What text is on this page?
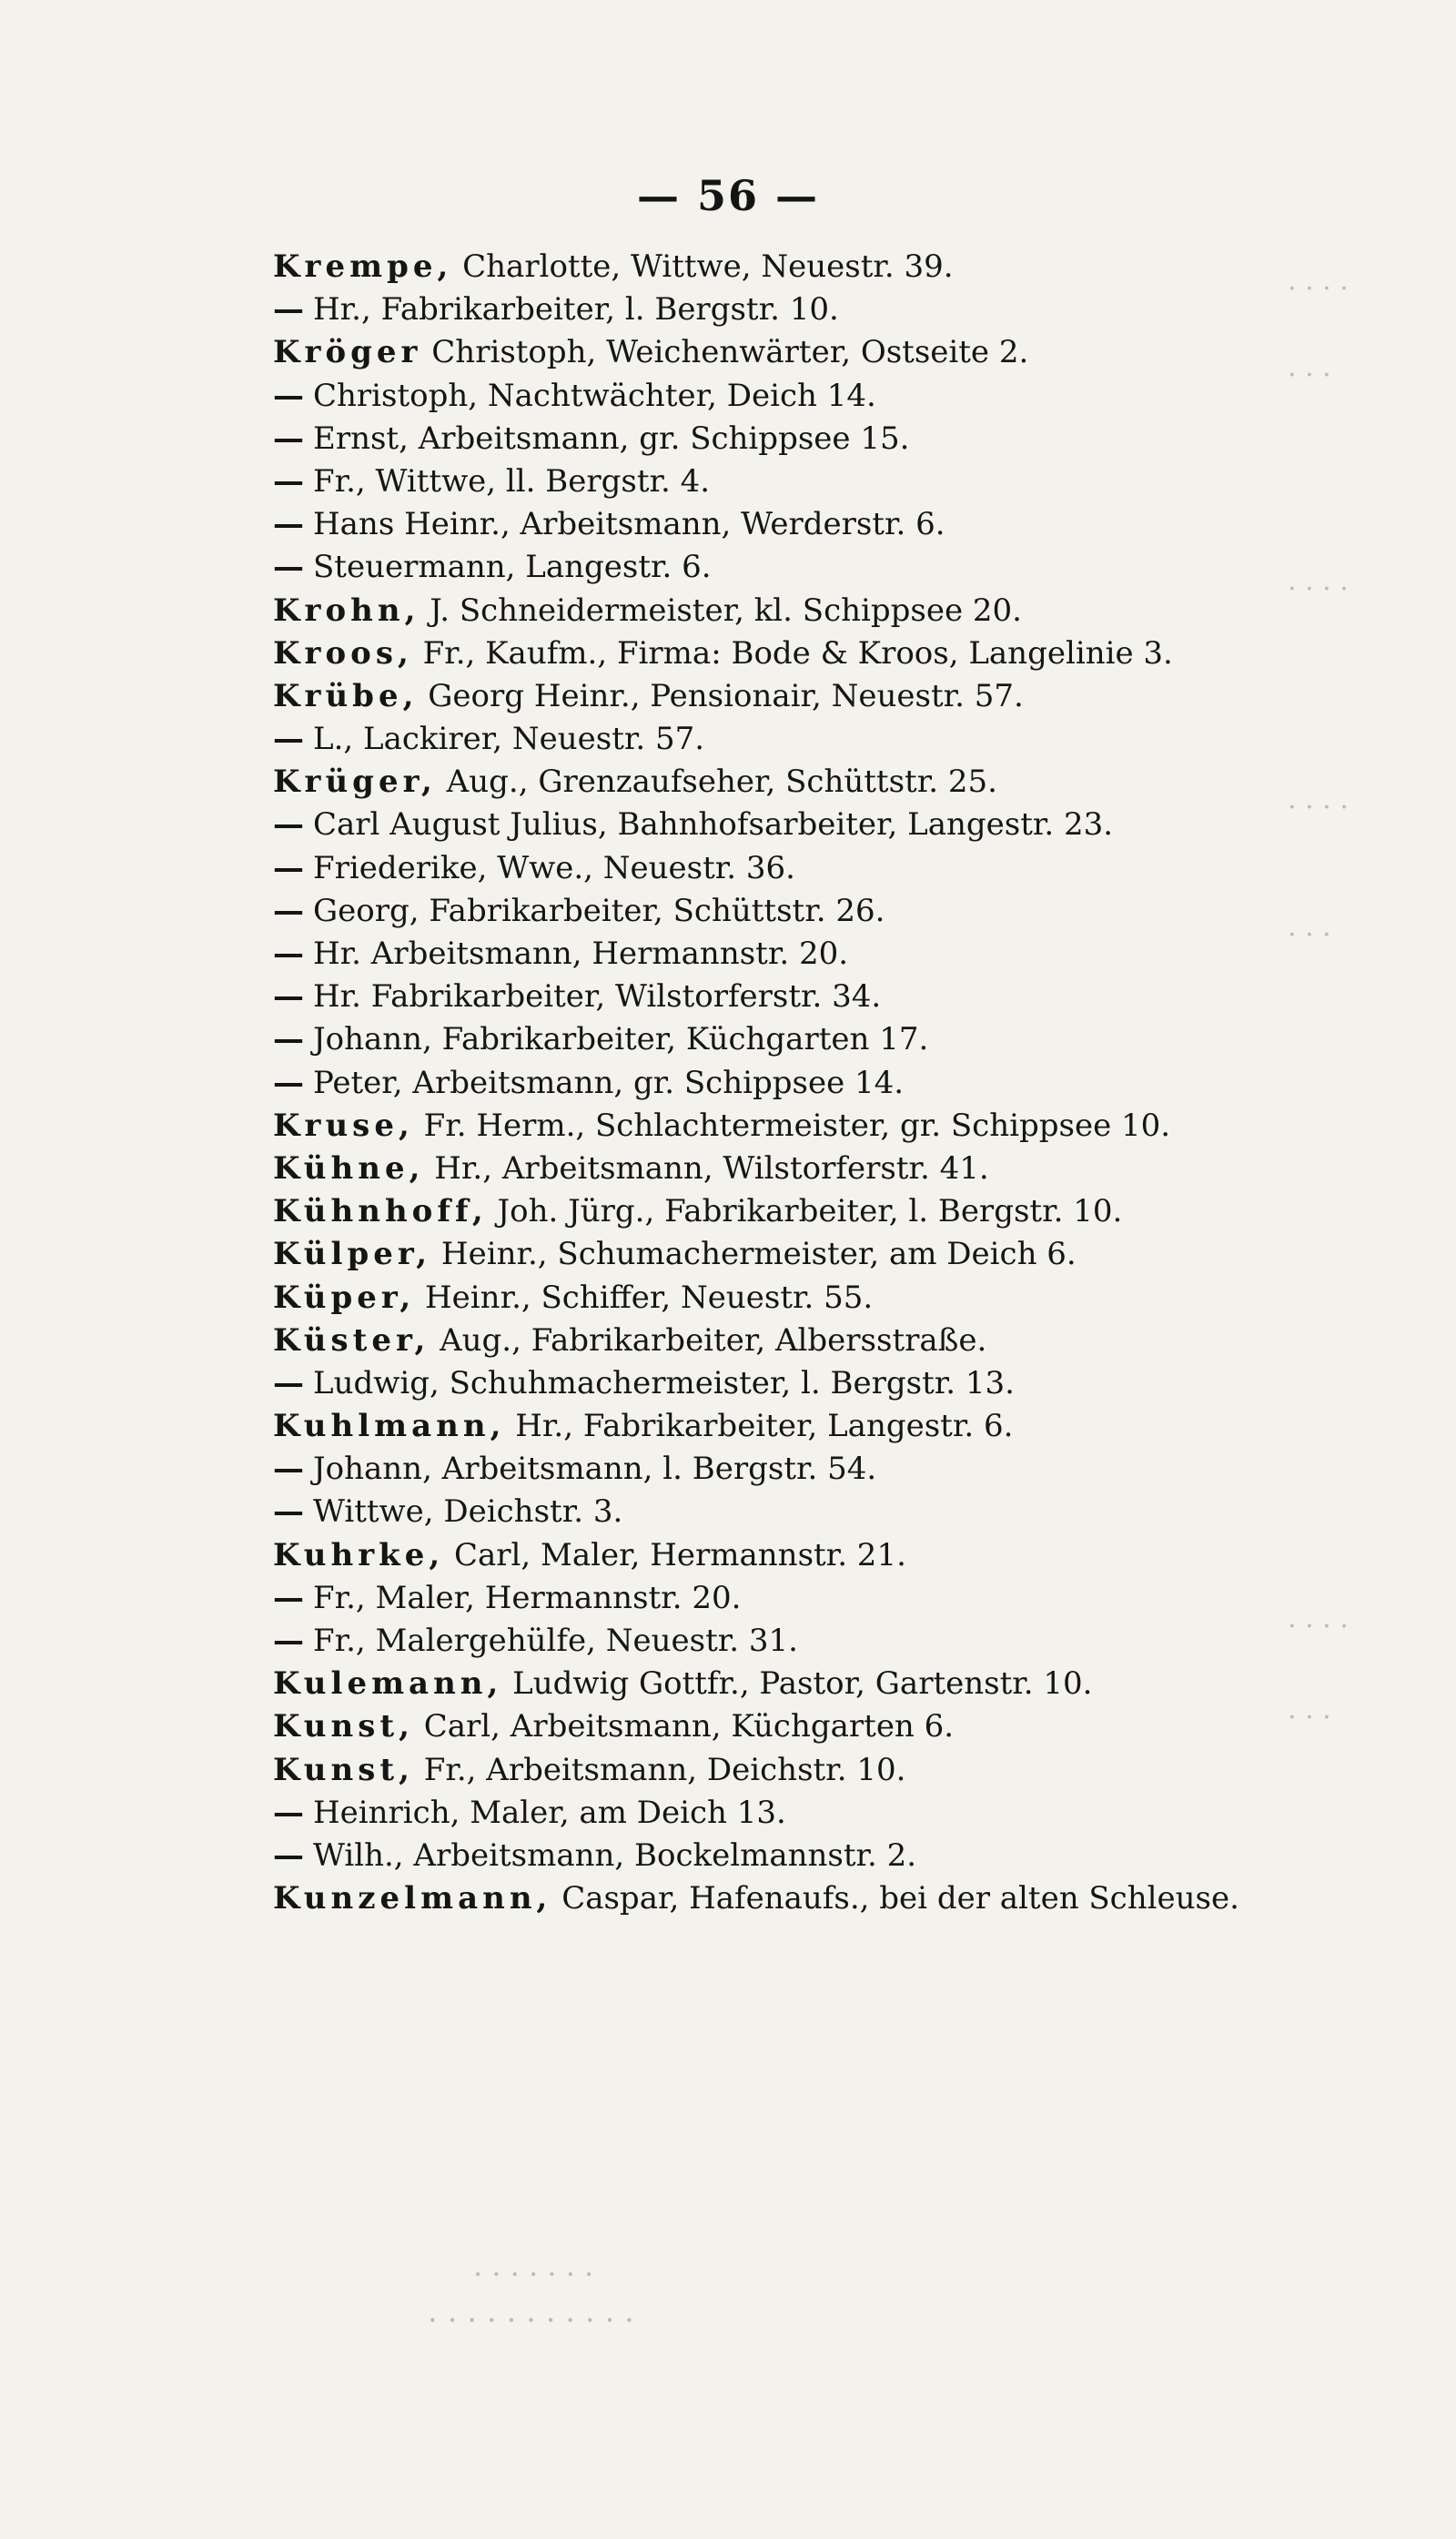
— 56 —
· · · ·
· · ·
· · · ·
· · · ·
· · ·
· · · ·
· · ·
· · · · · · ·
· · · · · · · · · · ·
Krempe, Charlotte, Wittwe, Neuestr. 39.
— Hr., Fabrikarbeiter, l. Bergstr. 10.
Kröger Christoph, Weichenwärter, Ostseite 2.
— Christoph, Nachtwächter, Deich 14.
— Ernst, Arbeitsmann, gr. Schippsee 15.
— Fr., Wittwe, ll. Bergstr. 4.
— Hans Heinr., Arbeitsmann, Werderstr. 6.
— Steuermann, Langestr. 6.
Krohn, J. Schneidermeister, kl. Schippsee 20.
Kroos, Fr., Kaufm., Firma: Bode & Kroos, Langelinie 3.
Krübe, Georg Heinr., Pensionair, Neuestr. 57.
— L., Lackirer, Neuestr. 57.
Krüger, Aug., Grenzaufseher, Schüttstr. 25.
— Carl August Julius, Bahnhofsarbeiter, Langestr. 23.
— Friederike, Wwe., Neuestr. 36.
— Georg, Fabrikarbeiter, Schüttstr. 26.
— Hr. Arbeitsmann, Hermannstr. 20.
— Hr. Fabrikarbeiter, Wilstorferstr. 34.
— Johann, Fabrikarbeiter, Küchgarten 17.
— Peter, Arbeitsmann, gr. Schippsee 14.
Kruse, Fr. Herm., Schlachtermeister, gr. Schippsee 10.
Kühne, Hr., Arbeitsmann, Wilstorferstr. 41.
Kühnhoff, Joh. Jürg., Fabrikarbeiter, l. Bergstr. 10.
Külper, Heinr., Schumachermeister, am Deich 6.
Küper, Heinr., Schiffer, Neuestr. 55.
Küster, Aug., Fabrikarbeiter, Albersstraße.
— Ludwig, Schuhmachermeister, l. Bergstr. 13.
Kuhlmann, Hr., Fabrikarbeiter, Langestr. 6.
— Johann, Arbeitsmann, l. Bergstr. 54.
— Wittwe, Deichstr. 3.
Kuhrke, Carl, Maler, Hermannstr. 21.
— Fr., Maler, Hermannstr. 20.
— Fr., Malergehülfe, Neuestr. 31.
Kulemann, Ludwig Gottfr., Pastor, Gartenstr. 10.
Kunst, Carl, Arbeitsmann, Küchgarten 6.
Kunst, Fr., Arbeitsmann, Deichstr. 10.
— Heinrich, Maler, am Deich 13.
— Wilh., Arbeitsmann, Bockelmannstr. 2.
Kunzelmann, Caspar, Hafenaufs., bei der alten Schleuse.
